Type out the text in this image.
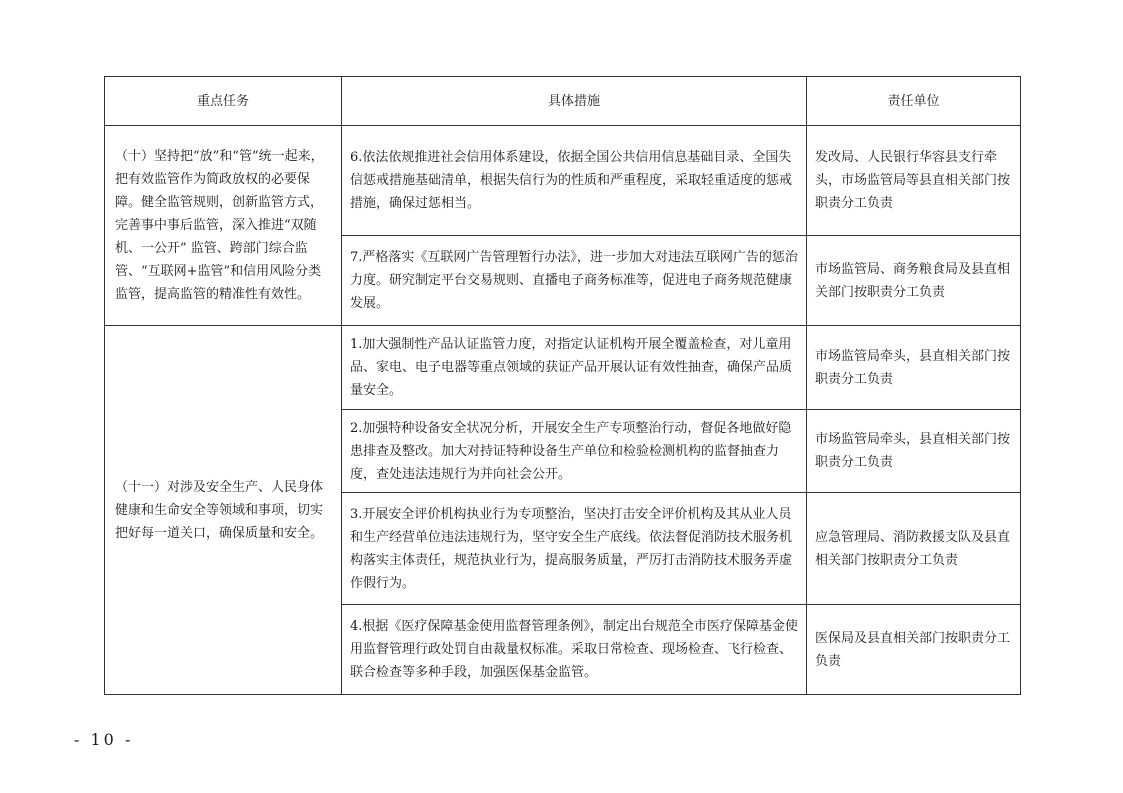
重点任务	具体措施	责任单位
（十）坚持把“放”和“管”统一起来，把有效监管作为简政放权的必要保障。健全监管规则，创新监管方式， 完善事中事后监管，深入推进“双随机、一公开” 监管、跨部门综合监管、“互联网+监管”和信用风险分类监管，提高监管的精准性有效性。	6.依法依规推进社会信用体系建设，依据全国公共信用信息基础目录、全国失信惩戒措施基础清单，根据失信行为的性质和严重程度，采取轻重适度的惩戒措施，确保过惩相当。	发改局、人民银行华容县支行牵头，市场监管局等县直相关部门按职责分工负责
	7.严格落实《互联网广告管理暂行办法》，进一步加大对违法互联网广告的惩治力度。研究制定平台交易规则、直播电子商务标准等，促进电子商务规范健康发展。	市场监管局、商务粮食局及县直相关部门按职责分工负责
（十一）对涉及安全生产、人民身体健康和生命安全等领域和事项，切实把好每一道关口，确保质量和安全。	1.加大强制性产品认证监管力度，对指定认证机构开展全覆盖检查，对儿童用品、家电、电子电器等重点领域的获证产品开展认证有效性抽查，确保产品质量安全。	市场监管局牵头，县直相关部门按职责分工负责
	2.加强特种设备安全状况分析，开展安全生产专项整治行动，督促各地做好隐患排查及整改。加大对持证特种设备生产单位和检验检测机构的监督抽查力度，查处违法违规行为并向社会公开。	市场监管局牵头，县直相关部门按职责分工负责
	3.开展安全评价机构执业行为专项整治，坚决打击安全评价机构及其从业人员和生产经营单位违法违规行为，坚守安全生产底线。依法督促消防技术服务机构落实主体责任，规范执业行为，提高服务质量，严厉打击消防技术服务弄虚作假行为。	应急管理局、消防救援支队及县直相关部门按职责分工负责
	4.根据《医疗保障基金使用监督管理条例》，制定出台规范全市医疗保障基金使用监督管理行政处罚自由裁量权标准。采取日常检查、现场检查、飞行检查、联合检查等多种手段，加强医保基金监管。	医保局及县直相关部门按职责分工负责
- 10 -
